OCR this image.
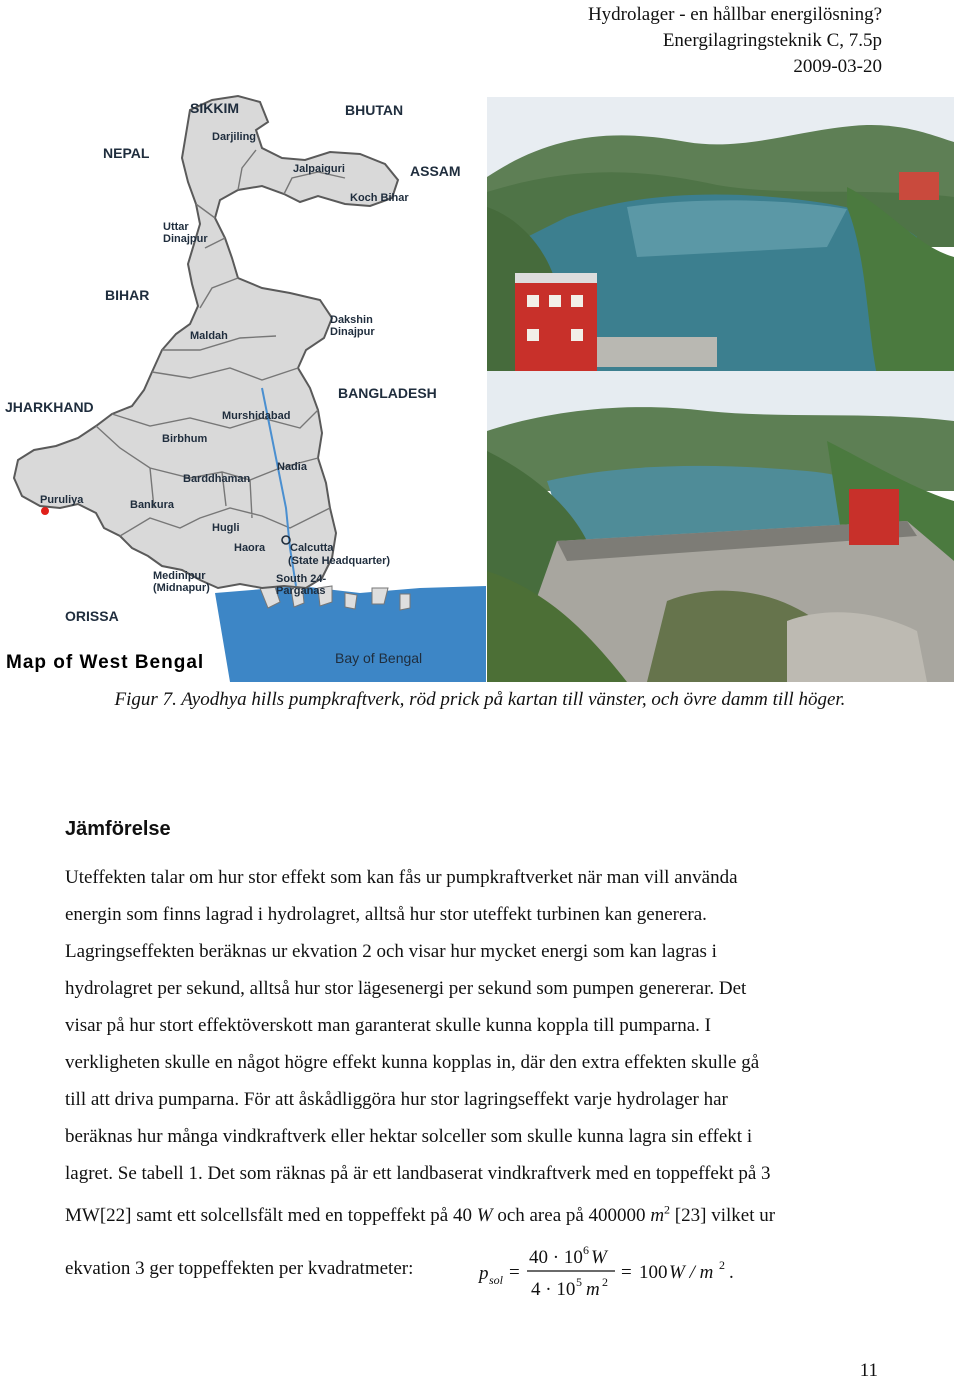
Hydrolager - en hållbar energilösning?
Energilagringsteknik C, 7.5p
2009-03-20
SIKKIM	BHUTAN
NEPAL
ASSAM
BIHAR
BANGLADESH
JHARKHAND
ORISSA
Darjiling
Jalpaiguri
Koch Bihar
Uttar
Dinajpur
Dakshin
Dinajpur
Maldah
Murshidabad
Birbhum
Nadia
Barddhaman
Puruliya	Bankura
Hugli
Haora Calcutta
(State Headquarter)
Medinipur
(Midnapur)
South 24-
Parganas
Bay of Bengal
Map of West Bengal
Figur 7. Ayodhya hills pumpkraftverk, röd prick på kartan till vänster, och övre damm till höger.
Jämförelse
Uteffekten talar om hur stor effekt som kan fås ur pumpkraftverket när man vill använda
energin som finns lagrad i hydrolagret, alltså hur stor uteffekt turbinen kan generera.
Lagringseffekten beräknas ur ekvation 2 och visar hur mycket energi som kan lagras i
hydrolagret per sekund, alltså hur stor lägesenergi per sekund som pumpen genererar. Det
visar på hur stort effektöverskott man garanterat skulle kunna koppla till pumparna. I
verkligheten skulle en något högre effekt kunna kopplas in, där den extra effekten skulle gå
till att driva pumparna. För att åskådliggöra hur stor lagringseffekt varje hydrolager har
beräknas hur många vindkraftverk eller hektar solceller som skulle kunna lagra sin effekt i
lagret. Se tabell 1. Det som räknas på är ett landbaserat vindkraftverk med en toppeffekt på 3
MW[22] samt ett solcellsfält med en toppeffekt på 40 W och area på 400000 $m^2$ [23] vilket ur
ekvation 3 ger toppeffekten per kvadratmeter:	p sol =
40 · 10 6 W
4 · 10 5 m 2 = 100 W / m 2 .
11
